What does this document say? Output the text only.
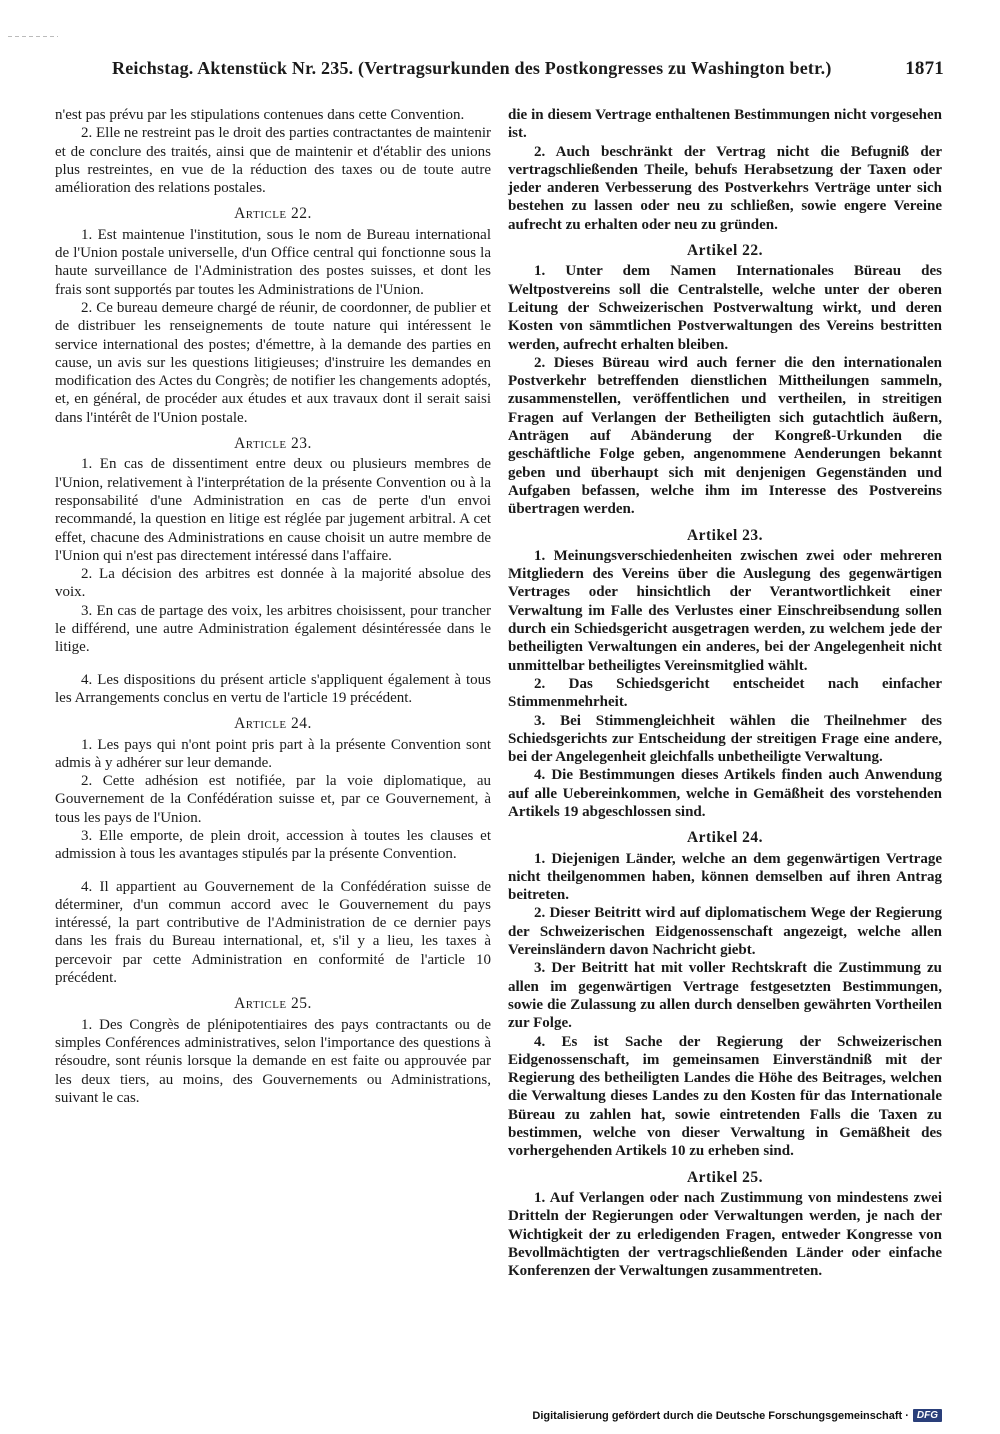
Reichstag. Aktenstück Nr. 235. (Vertragsurkunden des Postkongresses zu Washington betr.)	1871

n'est pas prévu par les stipulations contenues dans cette Convention.

2. Elle ne restreint pas le droit des parties contractantes de maintenir et de conclure des traités, ainsi que de maintenir et d'établir des unions plus restreintes, en vue de la réduction des taxes ou de toute autre amélioration des relations postales.

Article 22.

1. Est maintenue l'institution, sous le nom de Bureau international de l'Union postale universelle, d'un Office central qui fonctionne sous la haute surveillance de l'Administration des postes suisses, et dont les frais sont supportés par toutes les Administrations de l'Union.

2. Ce bureau demeure chargé de réunir, de coordonner, de publier et de distribuer les renseignements de toute nature qui intéressent le service international des postes; d'émettre, à la demande des parties en cause, un avis sur les questions litigieuses; d'instruire les demandes en modification des Actes du Congrès; de notifier les changements adoptés, et, en général, de procéder aux études et aux travaux dont il serait saisi dans l'intérêt de l'Union postale.

Article 23.

1. En cas de dissentiment entre deux ou plusieurs membres de l'Union, relativement à l'interprétation de la présente Convention ou à la responsabilité d'une Administration en cas de perte d'un envoi recommandé, la question en litige est réglée par jugement arbitral. A cet effet, chacune des Administrations en cause choisit un autre membre de l'Union qui n'est pas directement intéressé dans l'affaire.

2. La décision des arbitres est donnée à la majorité absolue des voix.

3. En cas de partage des voix, les arbitres choisissent, pour trancher le différend, une autre Administration également désintéressée dans le litige.

4. Les dispositions du présent article s'appliquent également à tous les Arrangements conclus en vertu de l'article 19 précédent.

Article 24.

1. Les pays qui n'ont point pris part à la présente Convention sont admis à y adhérer sur leur demande.

2. Cette adhésion est notifiée, par la voie diplomatique, au Gouvernement de la Confédération suisse et, par ce Gouvernement, à tous les pays de l'Union.

3. Elle emporte, de plein droit, accession à toutes les clauses et admission à tous les avantages stipulés par la présente Convention.

4. Il appartient au Gouvernement de la Confédération suisse de déterminer, d'un commun accord avec le Gouvernement du pays intéressé, la part contributive de l'Administration de ce dernier pays dans les frais du Bureau international, et, s'il y a lieu, les taxes à percevoir par cette Administration en conformité de l'article 10 précédent.

Article 25.

1. Des Congrès de plénipotentiaires des pays contractants ou de simples Conférences administratives, selon l'importance des questions à résoudre, sont réunis lorsque la demande en est faite ou approuvée par les deux tiers, au moins, des Gouvernements ou Administrations, suivant le cas.

die in diesem Vertrage enthaltenen Bestimmungen nicht vorgesehen ist.

2. Auch beschränkt der Vertrag nicht die Befugniß der vertragschließenden Theile, behufs Herabsetzung der Taxen oder jeder anderen Verbesserung des Postverkehrs Verträge unter sich bestehen zu lassen oder neu zu schließen, sowie engere Vereine aufrecht zu erhalten oder neu zu gründen.

Artikel 22.

1. Unter dem Namen Internationales Büreau des Weltpostvereins soll die Centralstelle, welche unter der oberen Leitung der Schweizerischen Postverwaltung wirkt, und deren Kosten von sämmtlichen Postverwaltungen des Vereins bestritten werden, aufrecht erhalten bleiben.

2. Dieses Büreau wird auch ferner die den internationalen Postverkehr betreffenden dienstlichen Mittheilungen sammeln, zusammenstellen, veröffentlichen und vertheilen, in streitigen Fragen auf Verlangen der Betheiligten sich gutachtlich äußern, Anträgen auf Abänderung der Kongreß-Urkunden die geschäftliche Folge geben, angenommene Aenderungen bekannt geben und überhaupt sich mit denjenigen Gegenständen und Aufgaben befassen, welche ihm im Interesse des Postvereins übertragen werden.

Artikel 23.

1. Meinungsverschiedenheiten zwischen zwei oder mehreren Mitgliedern des Vereins über die Auslegung des gegenwärtigen Vertrages oder hinsichtlich der Verantwortlichkeit einer Verwaltung im Falle des Verlustes einer Einschreibsendung sollen durch ein Schiedsgericht ausgetragen werden, zu welchem jede der betheiligten Verwaltungen ein anderes, bei der Angelegenheit nicht unmittelbar betheiligtes Vereinsmitglied wählt.

2. Das Schiedsgericht entscheidet nach einfacher Stimmenmehrheit.

3. Bei Stimmengleichheit wählen die Theilnehmer des Schiedsgerichts zur Entscheidung der streitigen Frage eine andere, bei der Angelegenheit gleichfalls unbetheiligte Verwaltung.

4. Die Bestimmungen dieses Artikels finden auch Anwendung auf alle Uebereinkommen, welche in Gemäßheit des vorstehenden Artikels 19 abgeschlossen sind.

Artikel 24.

1. Diejenigen Länder, welche an dem gegenwärtigen Vertrage nicht theilgenommen haben, können demselben auf ihren Antrag beitreten.

2. Dieser Beitritt wird auf diplomatischem Wege der Regierung der Schweizerischen Eidgenossenschaft angezeigt, welche allen Vereinsländern davon Nachricht giebt.

3. Der Beitritt hat mit voller Rechtskraft die Zustimmung zu allen im gegenwärtigen Vertrage festgesetzten Bestimmungen, sowie die Zulassung zu allen durch denselben gewährten Vortheilen zur Folge.

4. Es ist Sache der Regierung der Schweizerischen Eidgenossenschaft, im gemeinsamen Einverständniß mit der Regierung des betheiligten Landes die Höhe des Beitrages, welchen die Verwaltung dieses Landes zu den Kosten für das Internationale Büreau zu zahlen hat, sowie eintretenden Falls die Taxen zu bestimmen, welche von dieser Verwaltung in Gemäßheit des vorhergehenden Artikels 10 zu erheben sind.

Artikel 25.

1. Auf Verlangen oder nach Zustimmung von mindestens zwei Dritteln der Regierungen oder Verwaltungen werden, je nach der Wichtigkeit der zu erledigenden Fragen, entweder Kongresse von Bevollmächtigten der vertragschließenden Länder oder einfache Konferenzen der Verwaltungen zusammentreten.

Digitalisierung gefördert durch die Deutsche Forschungsgemeinschaft · DFG
